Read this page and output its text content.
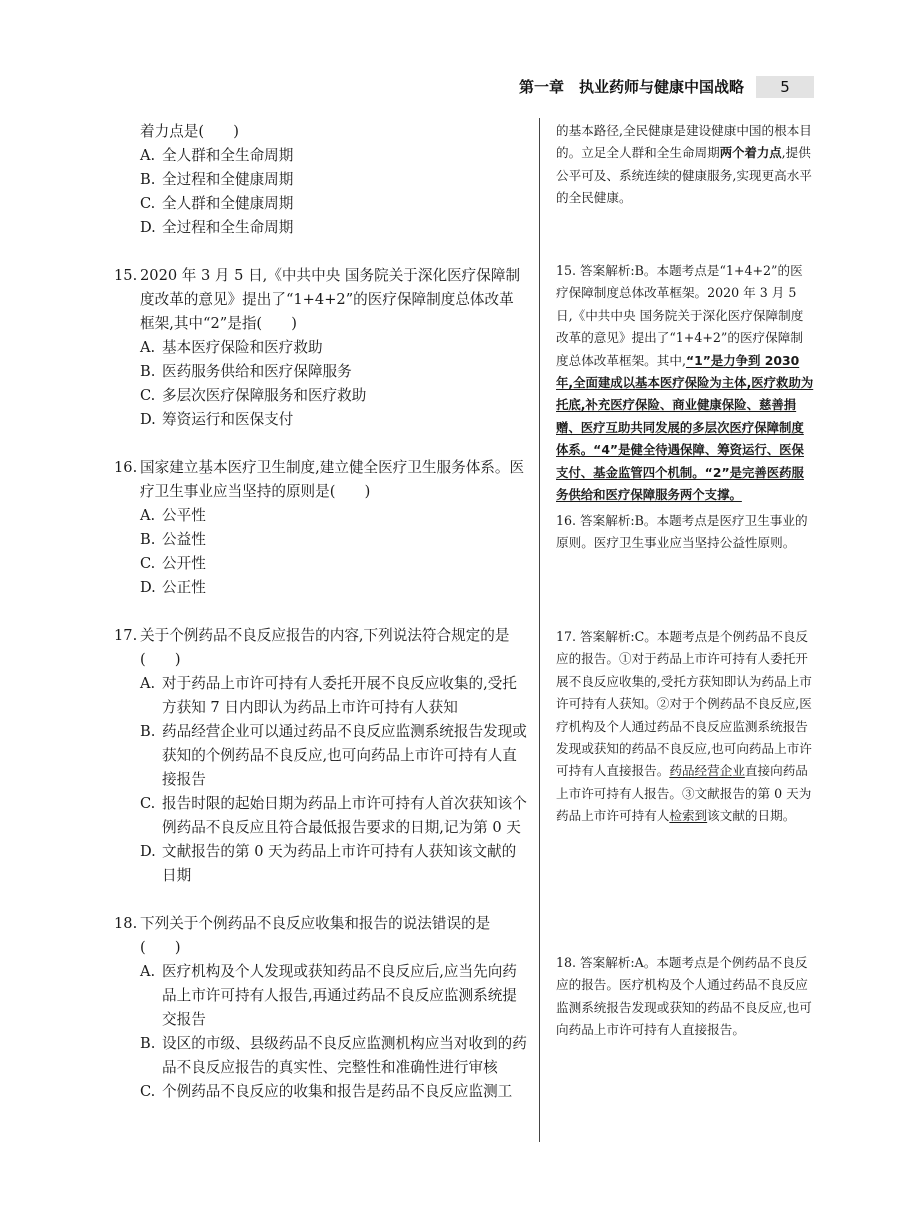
第一章　执业药师与健康中国战略	5
着力点是(　　)
A. 全人群和全生命周期
B. 全过程和全健康周期
C. 全人群和全健康周期
D. 全过程和全生命周期
15. 2020 年 3 月 5 日,《中共中央 国务院关于深化医疗保障制度改革的意见》提出了“1+4+2”的医疗保障制度总体改革框架,其中“2”是指(　　)
A. 基本医疗保险和医疗救助
B. 医药服务供给和医疗保障服务
C. 多层次医疗保障服务和医疗救助
D. 筹资运行和医保支付
16. 国家建立基本医疗卫生制度,建立健全医疗卫生服务体系。医疗卫生事业应当坚持的原则是(　　)
A. 公平性
B. 公益性
C. 公开性
D. 公正性
17. 关于个例药品不良反应报告的内容,下列说法符合规定的是(　　)
A. 对于药品上市许可持有人委托开展不良反应收集的,受托方获知 7 日内即认为药品上市许可持有人获知
B. 药品经营企业可以通过药品不良反应监测系统报告发现或获知的个例药品不良反应,也可向药品上市许可持有人直接报告
C. 报告时限的起始日期为药品上市许可持有人首次获知该个例药品不良反应且符合最低报告要求的日期,记为第 0 天
D. 文献报告的第 0 天为药品上市许可持有人获知该文献的日期
18. 下列关于个例药品不良反应收集和报告的说法错误的是(　　)
A. 医疗机构及个人发现或获知药品不良反应后,应当先向药品上市许可持有人报告,再通过药品不良反应监测系统提交报告
B. 设区的市级、县级药品不良反应监测机构应当对收到的药品不良反应报告的真实性、完整性和准确性进行审核
C. 个例药品不良反应的收集和报告是药品不良反应监测工

的基本路径,全民健康是建设健康中国的根本目的。立足全人群和全生命周期两个着力点,提供公平可及、系统连续的健康服务,实现更高水平的全民健康。

15. 答案解析:B。本题考点是“1+4+2”的医疗保障制度总体改革框架。2020 年 3 月 5 日,《中共中央 国务院关于深化医疗保障制度改革的意见》提出了“1+4+2”的医疗保障制度总体改革框架。其中,“1”是力争到 2030 年,全面建成以基本医疗保险为主体,医疗救助为托底,补充医疗保险、商业健康保险、慈善捐赠、医疗互助共同发展的多层次医疗保障制度体系。“4”是健全待遇保障、筹资运行、医保支付、基金监管四个机制。“2”是完善医药服务供给和医疗保障服务两个支撑。

16. 答案解析:B。本题考点是医疗卫生事业的原则。医疗卫生事业应当坚持公益性原则。

17. 答案解析:C。本题考点是个例药品不良反应的报告。①对于药品上市许可持有人委托开展不良反应收集的,受托方获知即认为药品上市许可持有人获知。②对于个例药品不良反应,医疗机构及个人通过药品不良反应监测系统报告发现或获知的药品不良反应,也可向药品上市许可持有人直接报告。药品经营企业直接向药品上市许可持有人报告。③文献报告的第 0 天为药品上市许可持有人检索到该文献的日期。

18. 答案解析:A。本题考点是个例药品不良反应的报告。医疗机构及个人通过药品不良反应监测系统报告发现或获知的药品不良反应,也可向药品上市许可持有人直接报告。
